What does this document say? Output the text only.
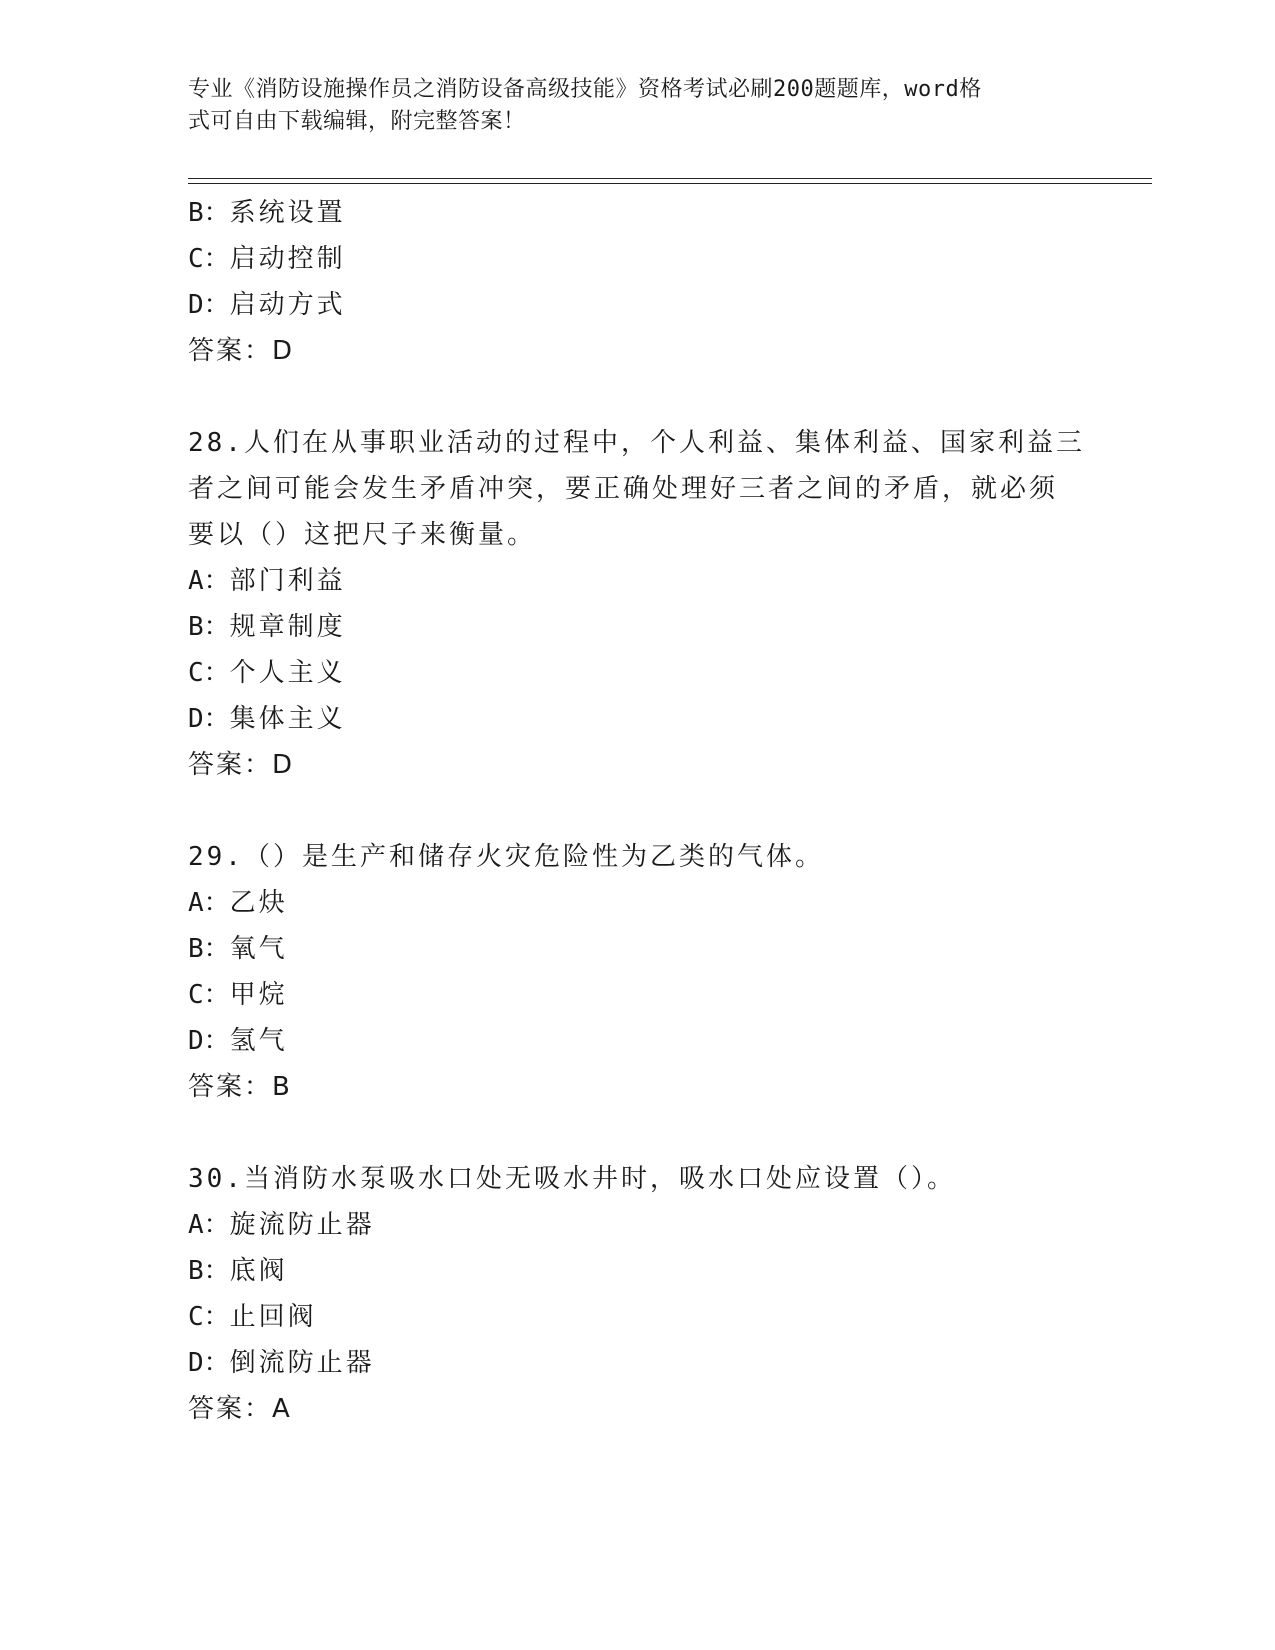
专业《消防设施操作员之消防设备高级技能》资格考试必刷200题题库，word格
式可自由下载编辑，附完整答案！
B：系统设置
C：启动控制
D：启动方式
答案：D
28.人们在从事职业活动的过程中，个人利益、集体利益、国家利益三
者之间可能会发生矛盾冲突，要正确处理好三者之间的矛盾，就必须
要以（）这把尺子来衡量。
A：部门利益
B：规章制度
C：个人主义
D：集体主义
答案：D
29.（）是生产和储存火灾危险性为乙类的气体。
A：乙炔
B：氧气
C：甲烷
D：氢气
答案：B
30.当消防水泵吸水口处无吸水井时，吸水口处应设置（）。
A：旋流防止器
B：底阀
C：止回阀
D：倒流防止器
答案：A
